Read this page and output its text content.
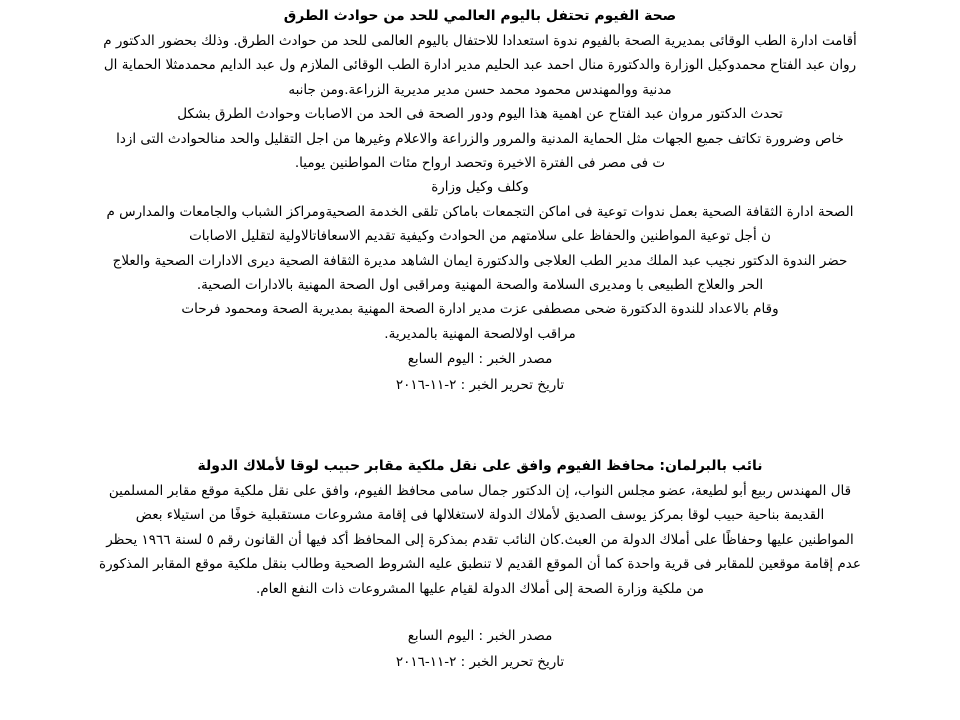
صحة الفيوم تحتفل باليوم العالمي للحد من حوادث الطرق
أقامت ادارة الطب الوقائى بمديرية الصحة بالفيوم ندوة استعدادا للاحتفال باليوم العالمى للحد من حوادث الطرق. وذلك بحضور الدكتور م
روان عبد الفتاح محمدوكيل الوزارة والدكتورة منال احمد عبد الحليم مدير ادارة الطب الوقائى الملازم ول عبد الدايم محمدمثلا الحماية ال
مدنية ووالمهندس محمود محمد حسن مدير مديرية الزراعة.ومن جانبه
تحدث الدكتور مروان عبد الفتاح عن اهمية هذا اليوم ودور الصحة فى الحد من الاصابات وحوادث الطرق بشكل
خاص وضرورة تكاتف جميع الجهات مثل الحماية المدنية والمرور والزراعة والاعلام وغيرها من اجل التقليل والحد منالحوادث التى ازدا
ت فى مصر فى الفترة الاخيرة وتحصد ارواح مئات المواطنين يوميا.
وكلف وكيل وزارة
الصحة ادارة الثقافة الصحية بعمل ندوات توعية فى اماكن التجمعات باماكن تلقى الخدمة الصحيةومراكز الشباب والجامعات والمدارس م
ن أجل توعية المواطنين والحفاظ على سلامتهم من الحوادث وكيفية تقديم الاسعافاتالاولية لتقليل الاصابات
حضر الندوة الدكتور نجيب عبد الملك مدير الطب العلاجى والدكتورة ايمان الشاهد مديرة الثقافة الصحية ديرى الادارات الصحية والعلاج
الحر والعلاج الطبيعى با ومديرى السلامة والصحة المهنية ومراقبى اول الصحة المهنية بالادارات الصحية.
وقام بالاعداد للندوة الدكتورة ضحى مصطفى عزت مدير ادارة الصحة المهنية بمديرية الصحة ومحمود فرحات
مراقب اولالصحة المهنية بالمديرية.
مصدر الخبر : اليوم السابع
تاريخ تحرير الخبر : ٢-١١-٢٠١٦
نائب بالبرلمان: محافظ الفيوم وافق على نقل ملكية مقابر حبيب لوقا لأملاك الدولة
قال المهندس ربيع أبو لطيعة، عضو مجلس النواب، إن الدكتور جمال سامى محافظ الفيوم، وافق على نقل ملكية موقع مقابر المسلمين
القديمة بناحية حبيب لوقا بمركز يوسف الصديق لأملاك الدولة لاستغلالها فى إقامة مشروعات مستقبلية خوفًا من استيلاء بعض
المواطنين عليها وحفاظًا على أملاك الدولة من العبث.كان النائب تقدم بمذكرة إلى المحافظ أكد فيها أن القانون رقم ٥ لسنة ١٩٦٦ يحظر
عدم إقامة موقعين للمقابر فى قرية واحدة كما أن الموقع القديم لا تنطبق عليه الشروط الصحية وطالب بنقل ملكية موقع المقابر المذكورة
من ملكية وزارة الصحة إلى أملاك الدولة لقيام عليها المشروعات ذات النفع العام.
مصدر الخبر : اليوم السابع
تاريخ تحرير الخبر : ٢-١١-٢٠١٦
